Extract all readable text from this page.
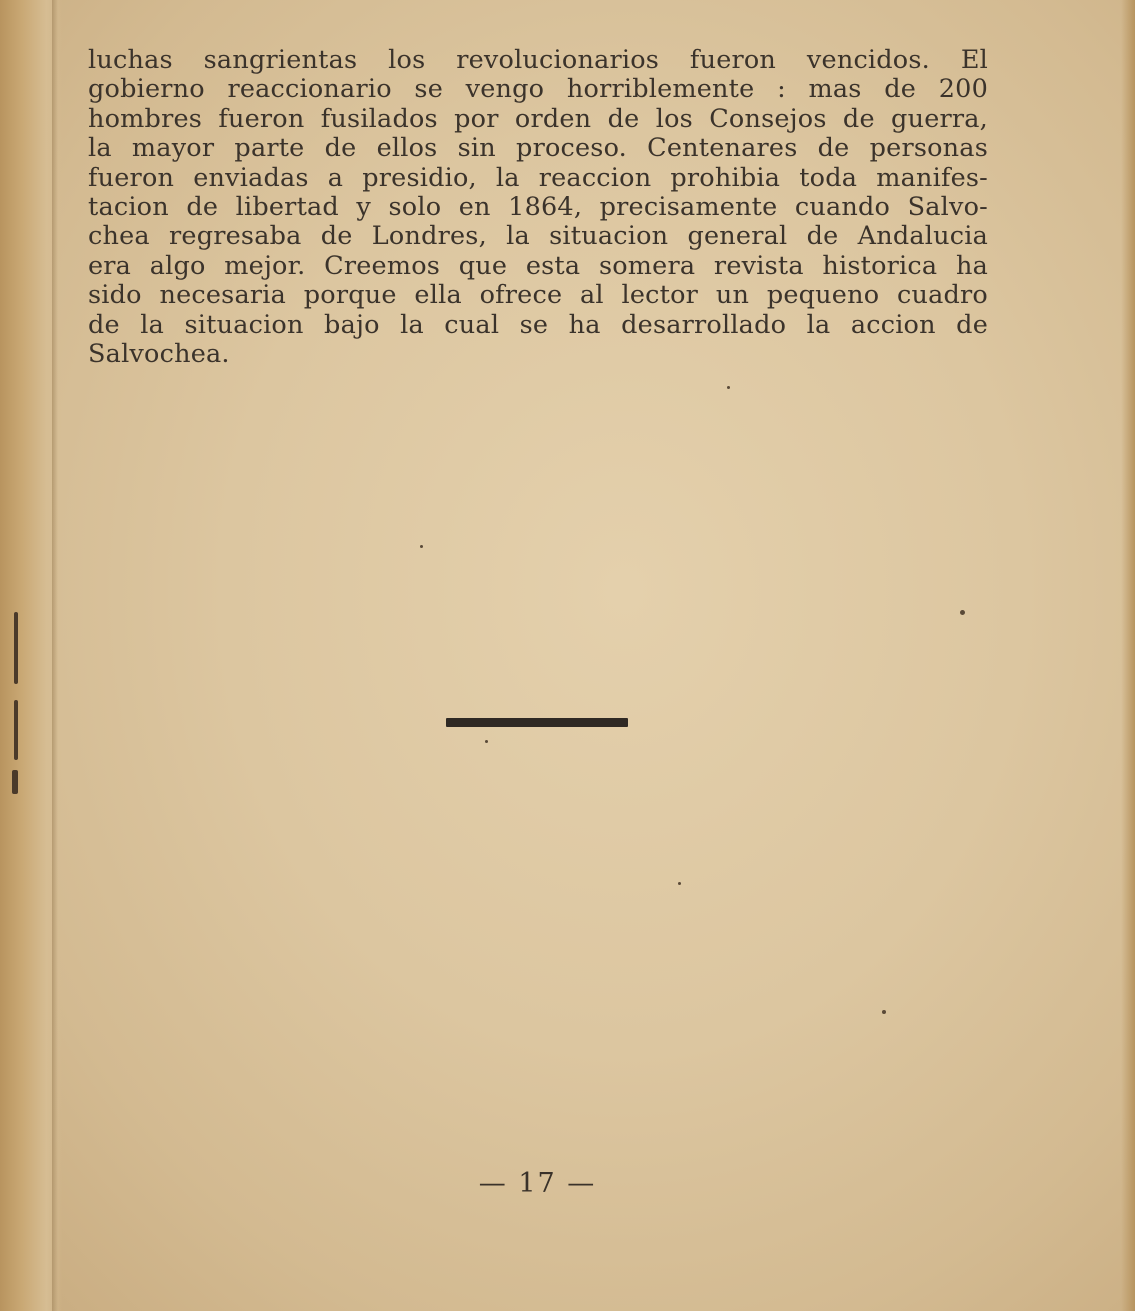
luchas sangrientas los revolucionarios fueron vencidos. El
gobierno reaccionario se vengo horriblemente : mas de 200
hombres fueron fusilados por orden de los Consejos de guerra,
la mayor parte de ellos sin proceso. Centenares de personas
fueron enviadas a presidio, la reaccion prohibia toda manifes-
tacion de libertad y solo en 1864, precisamente cuando Salvo-
chea regresaba de Londres, la situacion general de Andalucia
era algo mejor. Creemos que esta somera revista historica ha
sido necesaria porque ella ofrece al lector un pequeno cuadro
de la situacion bajo la cual se ha desarrollado la accion de
Salvochea.
— 17 —
